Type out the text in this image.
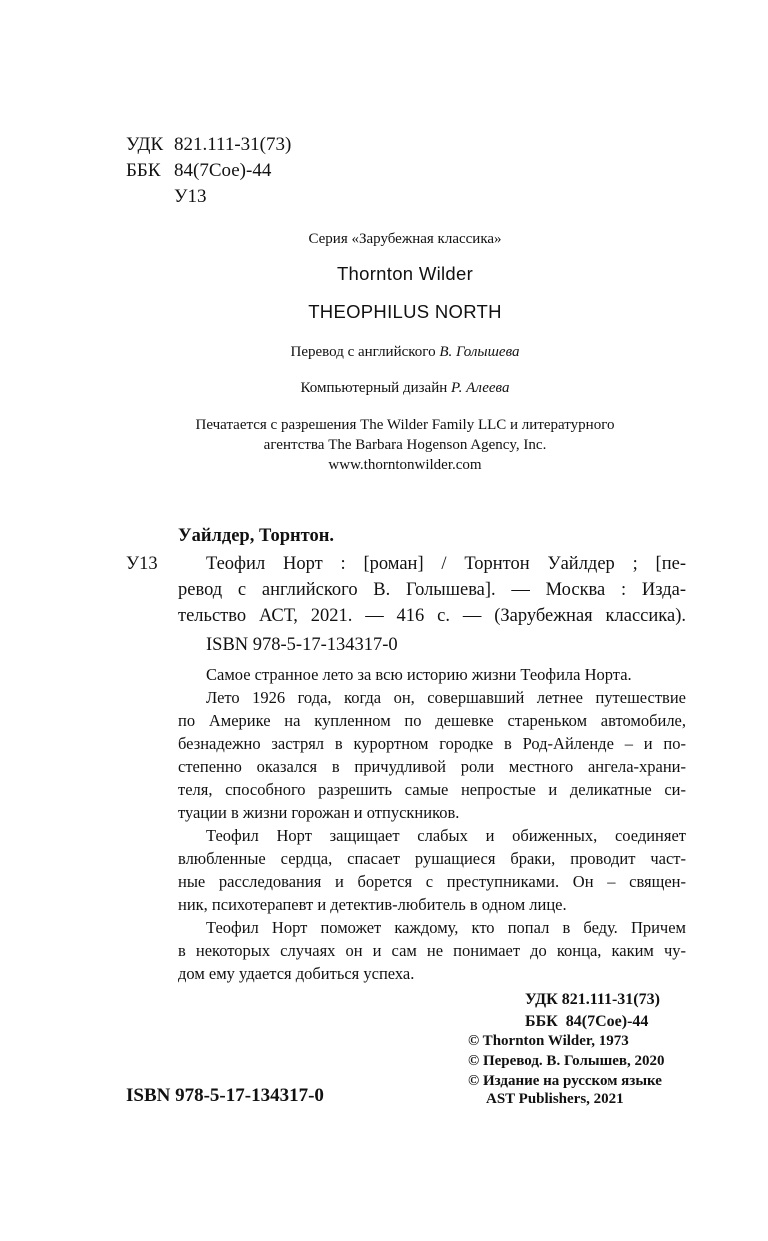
УДК 821.111-31(73)
ББК 84(7Сое)-44
У13
Серия «Зарубежная классика»
Thornton Wilder
THEOPHILUS NORTH
Перевод с английского В. Голышева
Компьютерный дизайн Р. Алеева
Печатается с разрешения The Wilder Family LLC и литературного
агентства The Barbara Hogenson Agency, Inc.
www.thorntonwilder.com
Уайлдер, Торнтон.
У13	Теофил Норт : [роман] / Торнтон Уайлдер ; [пе-
ревод с английского В. Голышева]. — Москва : Изда-
тельство АСТ, 2021. — 416 с. — (Зарубежная классика).
ISBN 978-5-17-134317-0
Самое странное лето за всю историю жизни Теофила Норта.
Лето 1926 года, когда он, совершавший летнее путешествие
по Америке на купленном по дешевке стареньком автомобиле,
безнадежно застрял в курортном городке в Род-Айленде – и по-
степенно оказался в причудливой роли местного ангела-храни-
теля, способного разрешить самые непростые и деликатные си-
туации в жизни горожан и отпускников.
Теофил Норт защищает слабых и обиженных, соединяет
влюбленные сердца, спасает рушащиеся браки, проводит част-
ные расследования и борется с преступниками. Он – священ-
ник, психотерапевт и детектив-любитель в одном лице.
Теофил Норт поможет каждому, кто попал в беду. Причем
в некоторых случаях он и сам не понимает до конца, каким чу-
дом ему удается добиться успеха.
УДК 821.111-31(73)
ББК  84(7Сое)-44
© Thornton Wilder, 1973
© Перевод. В. Голышев, 2020
© Издание на русском языке
AST Publishers, 2021
ISBN 978-5-17-134317-0
